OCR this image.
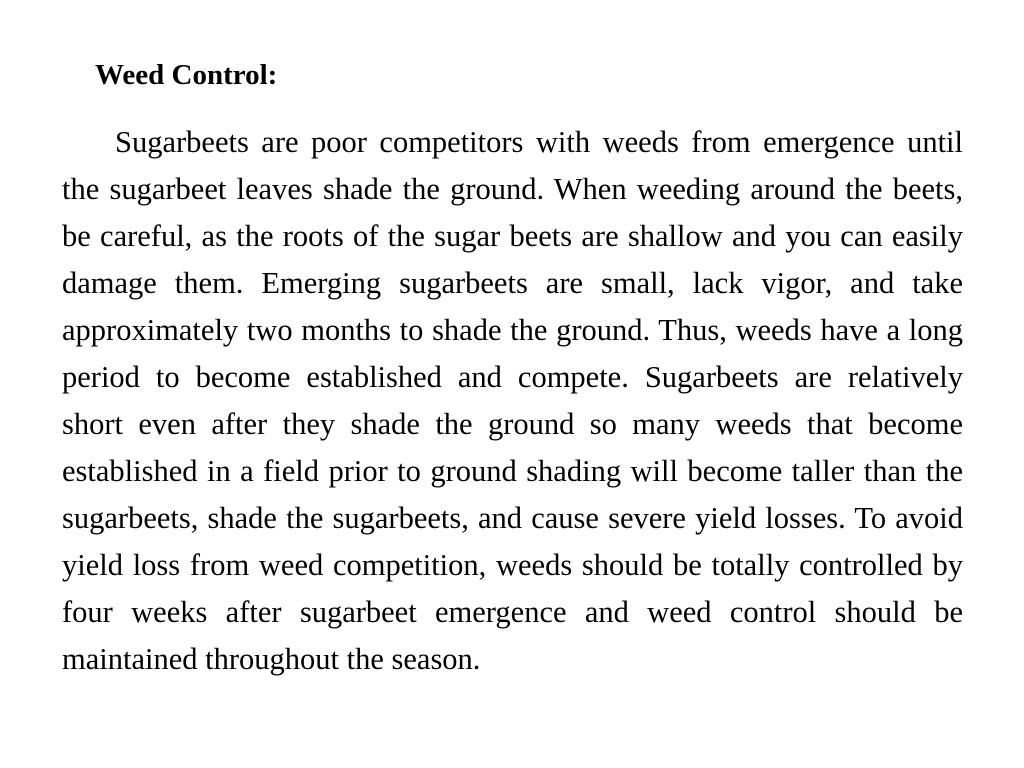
Weed Control:

Sugarbeets are poor competitors with weeds from emergence until the sugarbeet leaves shade the ground. When weeding around the beets, be careful, as the roots of the sugar beets are shallow and you can easily damage them. Emerging sugarbeets are small, lack vigor, and take approximately two months to shade the ground. Thus, weeds have a long period to become established and compete. Sugarbeets are relatively short even after they shade the ground so many weeds that become established in a field prior to ground shading will become taller than the sugarbeets, shade the sugarbeets, and cause severe yield losses. To avoid yield loss from weed competition, weeds should be totally controlled by four weeks after sugarbeet emergence and weed control should be maintained throughout the season.
